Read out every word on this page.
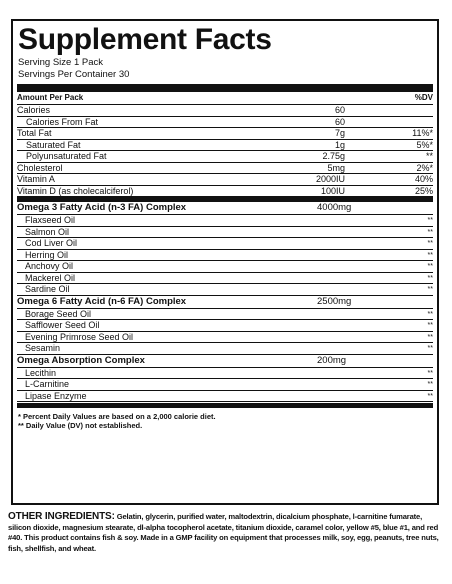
Supplement Facts
Serving Size 1 Pack
Servings Per Container 30
Amount Per Pack	%DV
Calories	60
Calories From Fat	60
Total Fat	7g	11%*
Saturated Fat	1g	5%*
Polyunsaturated Fat	2.75g	**
Cholesterol	5mg	2%*
Vitamin A	2000IU	40%
Vitamin D (as cholecalciferol)	100IU	25%
Omega 3 Fatty Acid (n-3 FA) Complex	4000mg
Flaxseed Oil	**
Salmon Oil	**
Cod Liver Oil	**
Herring Oil	**
Anchovy Oil	**
Mackerel Oil	**
Sardine Oil	**
Omega 6 Fatty Acid (n-6 FA) Complex	2500mg
Borage Seed Oil	**
Safflower Seed Oil	**
Evening Primrose Seed Oil	**
Sesamin	**
Omega Absorption Complex	200mg
Lecithin	**
L-Carnitine	**
Lipase Enzyme	**
* Percent Daily Values are based on a 2,000 calorie diet.
** Daily Value (DV) not established.
OTHER INGREDIENTS: Gelatin, glycerin, purified water, maltodextrin, dicalcium phosphate, l-carnitine fumarate, silicon dioxide, magnesium stearate, dl-alpha tocopherol acetate, titanium dioxide, caramel color, yellow #5, blue #1, and red #40. This product contains fish & soy. Made in a GMP facility on equipment that processes milk, soy, egg, peanuts, tree nuts, fish, shellfish, and wheat.
